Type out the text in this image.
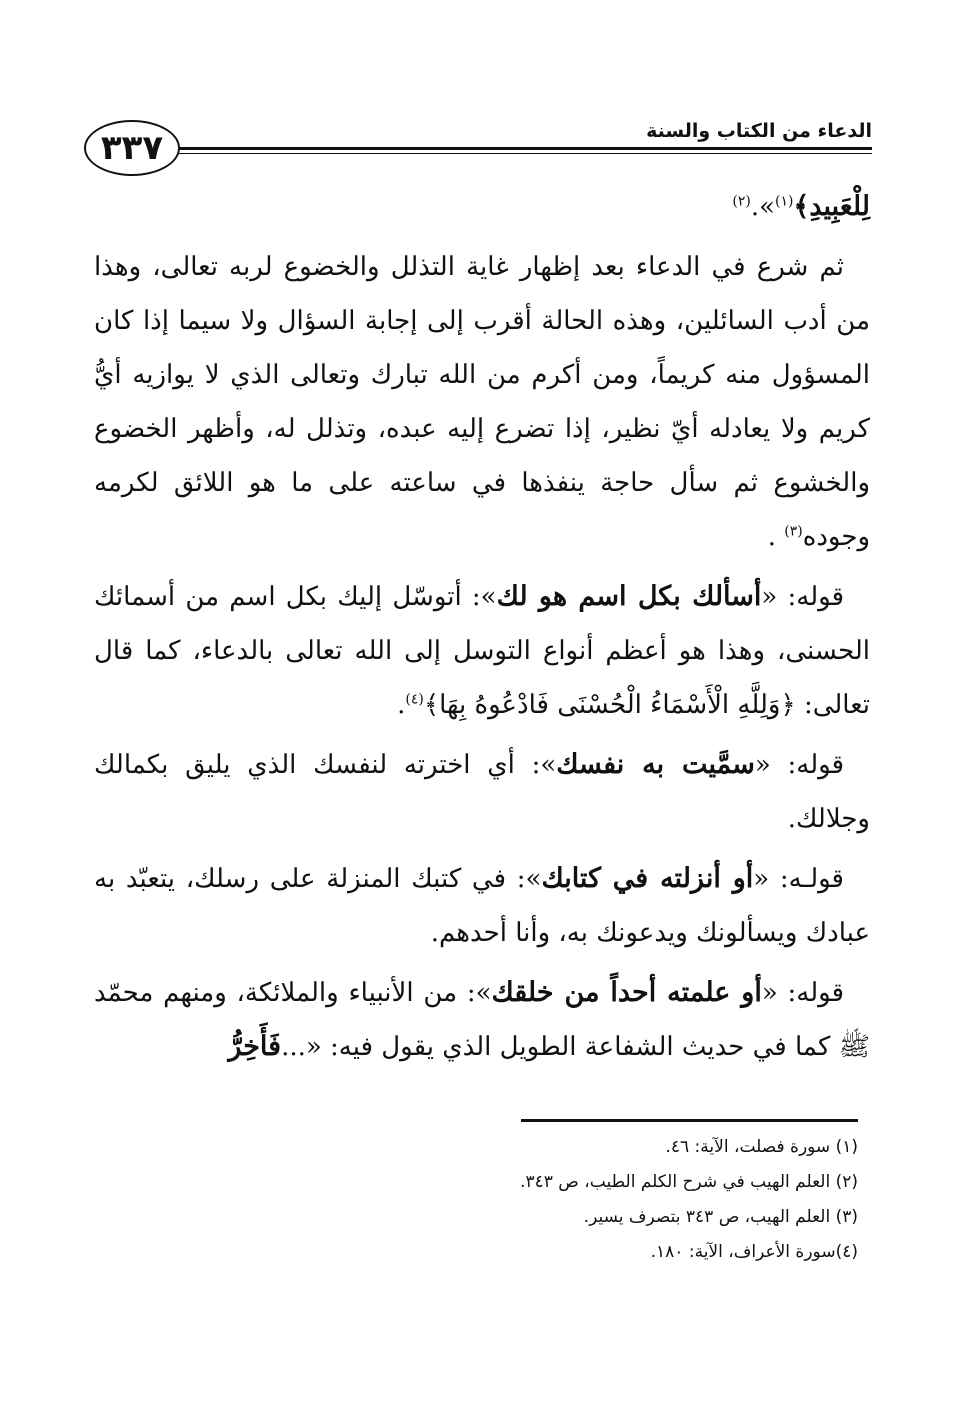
الدعاء من الكتاب والسنة
٣٣٧

لِلْعَبِيدِ﴾$^{(١)}$».$^{(٢)}$

ثم شرع في الدعاء بعد إظهار غاية التذلل والخضوع لربه تعالى، وهذا من أدب السائلين، وهذه الحالة أقرب إلى إجابة السؤال ولا سيما إذا كان المسؤول منه كريماً، ومن أكرم من الله تبارك وتعالى الذي لا يوازيه أيُّ كريم ولا يعادله أيّ نظير، إذا تضرع إليه عبده، وتذلل له، وأظهر الخضوع والخشوع ثم سأل حاجة ينفذها في ساعته على ما هو اللائق لكرمه وجوده$^{(٣)}$ .

قوله: «أسألك بكل اسم هو لك»: أتوسّل إليك بكل اسم من أسمائك الحسنى، وهذا هو أعظم أنواع التوسل إلى الله تعالى بالدعاء، كما قال تعالى: ﴿وَلِلَّهِ الْأَسْمَاءُ الْحُسْنَى فَادْعُوهُ بِهَا﴾$^{(٤)}$.

قوله: «سمَّيت به نفسك»: أي اخترته لنفسك الذي يليق بكمالك وجلالك.

قولـه: «أو أنزلته في كتابك»: في كتبك المنزلة على رسلك، يتعبّد به عبادك ويسألونك ويدعونك به، وأنا أحدهم.

قوله: «أو علمته أحداً من خلقك»: من الأنبياء والملائكة، ومنهم محمّد ﷺ كما في حديث الشفاعة الطويل الذي يقول فيه: «...فَأَخِرُّ

(١) سورة فصلت، الآية: ٤٦.
(٢) العلم الهيب في شرح الكلم الطيب، ص ٣٤٣.
(٣) العلم الهيب، ص ٣٤٣ بتصرف يسير.
(٤)سورة الأعراف، الآية: ١٨٠.
